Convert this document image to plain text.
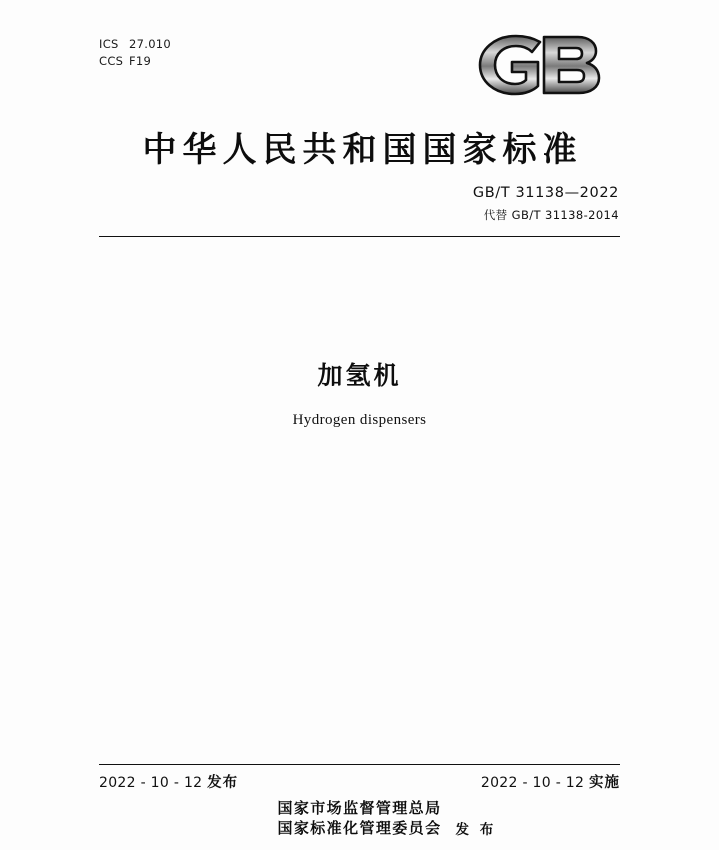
ICS 27.010
CCS F19
中华人民共和国国家标准
GB/T 31138—2022
代替 GB/T 31138-2014
加氢机
Hydrogen dispensers
2022 - 10 - 12 发布	2022 - 10 - 12 实施
国家市场监督管理总局
国家标准化管理委员会 发 布
